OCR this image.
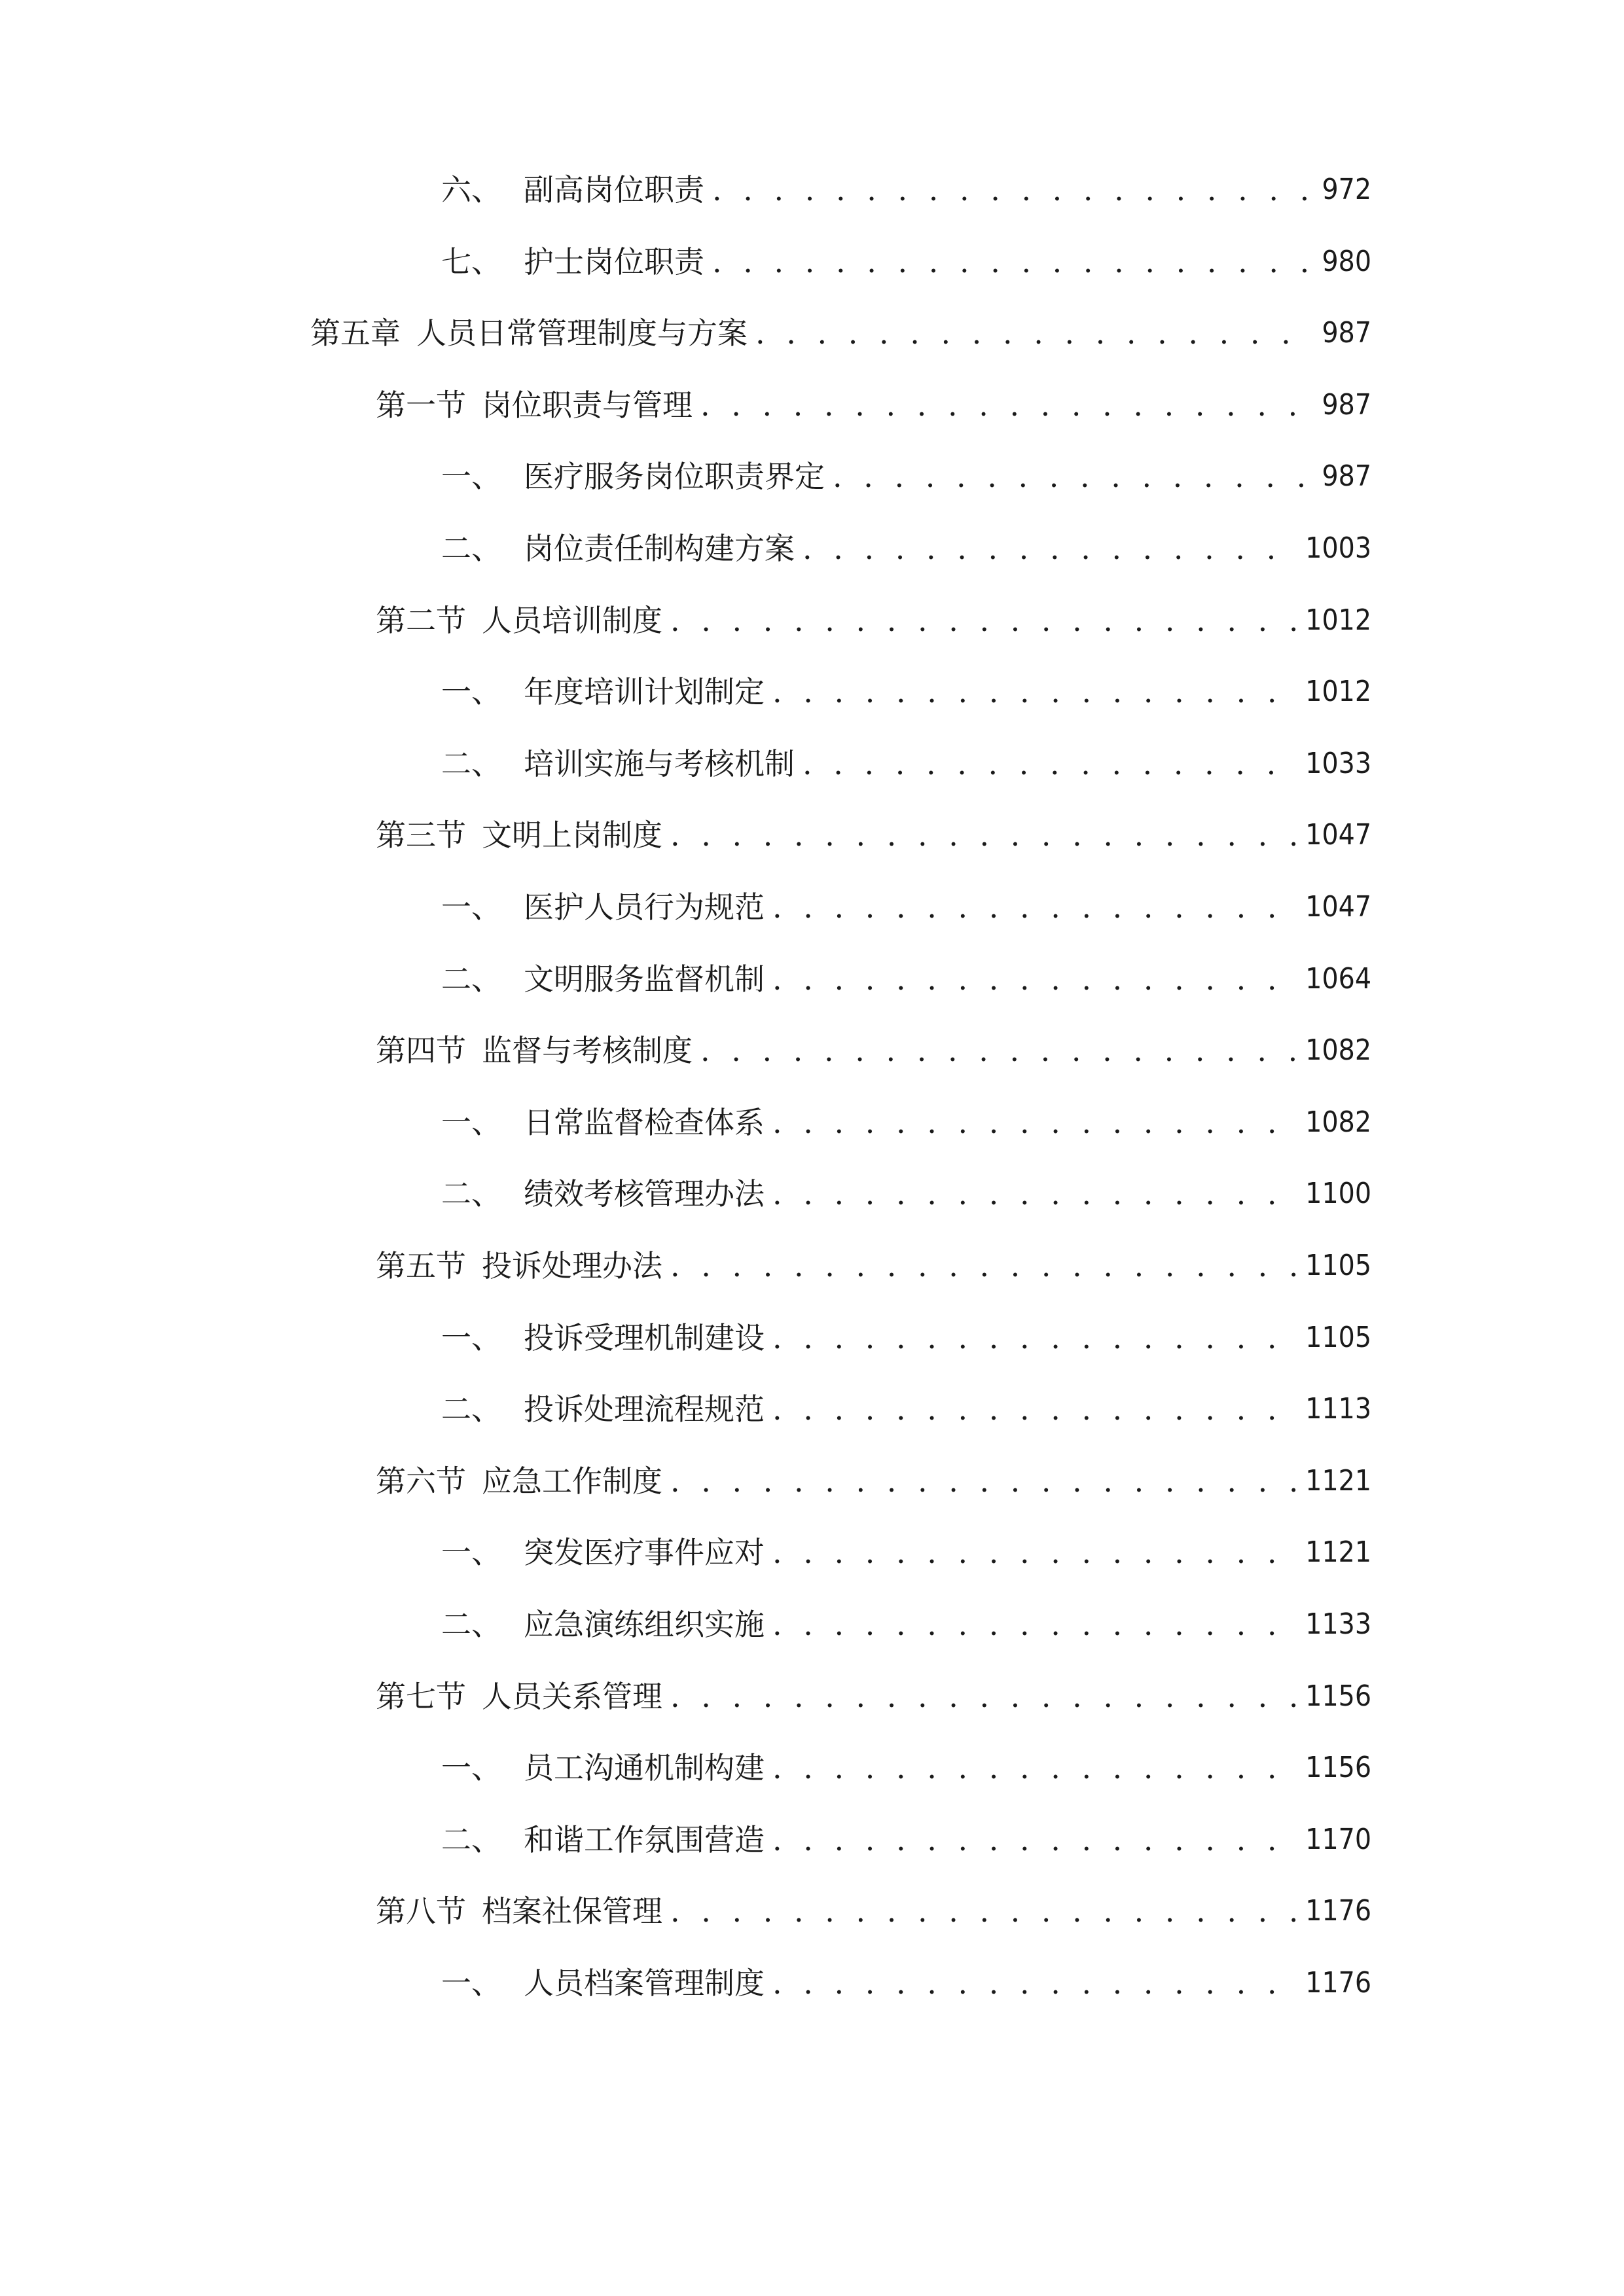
六、 副高岗位职责 . . .	972
七、 护士岗位职责 . . .	980
第五章 人员日常管理制度与方案 . . .	987
第一节 岗位职责与管理 . . .	987
一、 医疗服务岗位职责界定 . . .	987
二、 岗位责任制构建方案 . . .	1003
第二节 人员培训制度 . . .	1012
一、 年度培训计划制定 . . .	1012
二、 培训实施与考核机制 . . .	1033
第三节 文明上岗制度 . . .	1047
一、 医护人员行为规范 . . .	1047
二、 文明服务监督机制 . . .	1064
第四节 监督与考核制度 . . .	1082
一、 日常监督检查体系 . . .	1082
二、 绩效考核管理办法 . . .	1100
第五节 投诉处理办法 . . .	1105
一、 投诉受理机制建设 . . .	1105
二、 投诉处理流程规范 . . .	1113
第六节 应急工作制度 . . .	1121
一、 突发医疗事件应对 . . .	1121
二、 应急演练组织实施 . . .	1133
第七节 人员关系管理 . . .	1156
一、 员工沟通机制构建 . . .	1156
二、 和谐工作氛围营造 . . .	1170
第八节 档案社保管理 . . .	1176
一、 人员档案管理制度 . . .	1176
